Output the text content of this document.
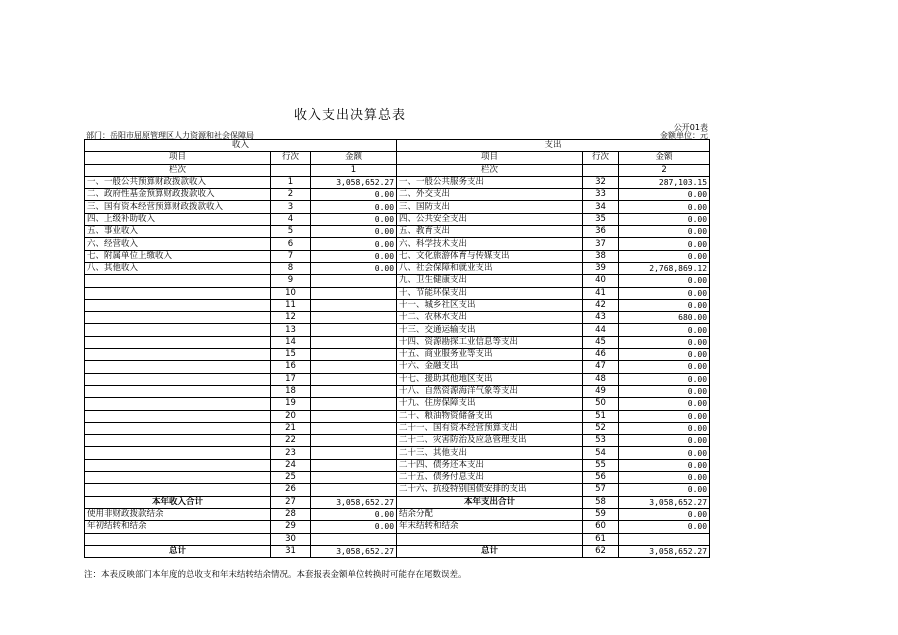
收入支出决算总表
公开01表
部门：岳阳市屈原管理区人力资源和社会保障局	金额单位：元
收入			支出		
项目	行次	金额	项目	行次	金额
栏次		1	栏次		2
一、一般公共预算财政拨款收入	1	3,058,652.27	一、一般公共服务支出	32	287,103.15
二、政府性基金预算财政拨款收入	2	0.00	二、外交支出	33	0.00
三、国有资本经营预算财政拨款收入	3	0.00	三、国防支出	34	0.00
四、上级补助收入	4	0.00	四、公共安全支出	35	0.00
五、事业收入	5	0.00	五、教育支出	36	0.00
六、经营收入	6	0.00	六、科学技术支出	37	0.00
七、附属单位上缴收入	7	0.00	七、文化旅游体育与传媒支出	38	0.00
八、其他收入	8	0.00	八、社会保障和就业支出	39	2,768,869.12
	9		九、卫生健康支出	40	0.00
	10		十、节能环保支出	41	0.00
	11		十一、城乡社区支出	42	0.00
	12		十二、农林水支出	43	680.00
	13		十三、交通运输支出	44	0.00
	14		十四、资源勘探工业信息等支出	45	0.00
	15		十五、商业服务业等支出	46	0.00
	16		十六、金融支出	47	0.00
	17		十七、援助其他地区支出	48	0.00
	18		十八、自然资源海洋气象等支出	49	0.00
	19		十九、住房保障支出	50	0.00
	20		二十、粮油物资储备支出	51	0.00
	21		二十一、国有资本经营预算支出	52	0.00
	22		二十二、灾害防治及应急管理支出	53	0.00
	23		二十三、其他支出	54	0.00
	24		二十四、债务还本支出	55	0.00
	25		二十五、债务付息支出	56	0.00
	26		二十六、抗疫特别国债安排的支出	57	0.00
本年收入合计	27	3,058,652.27	本年支出合计	58	3,058,652.27
使用非财政拨款结余	28	0.00	结余分配	59	0.00
年初结转和结余	29	0.00	年末结转和结余	60	0.00
	30			61	
总计	31	3,058,652.27	总计	62	3,058,652.27
注：本表反映部门本年度的总收支和年末结转结余情况。本套报表金额单位转换时可能存在尾数误差。
